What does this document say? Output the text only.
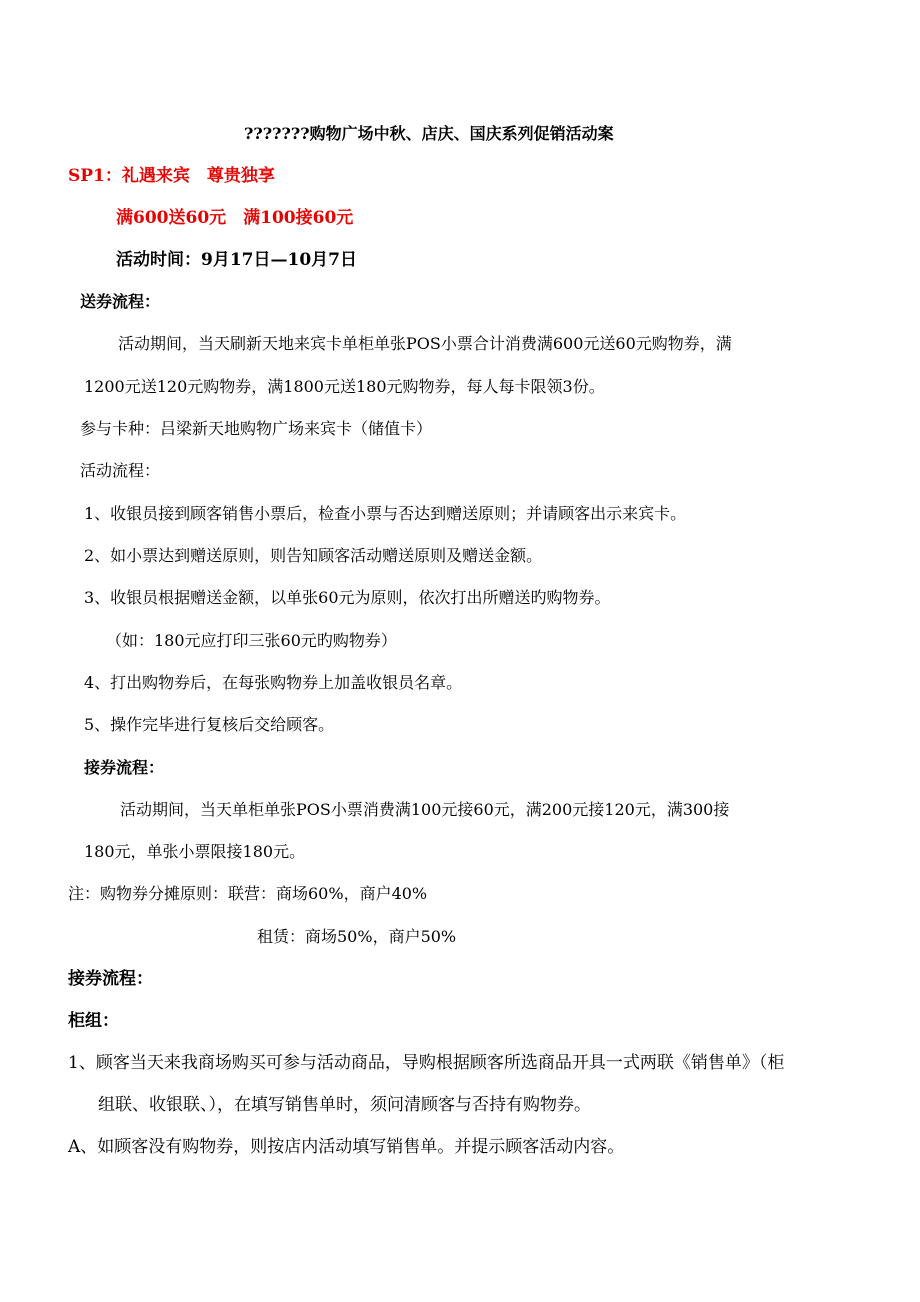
???????购物广场中秋、店庆、国庆系列促销活动案
SP1：礼遇来宾　尊贵独享
满600送60元　满100接60元
活动时间：9月17日—10月7日
送券流程：
活动期间，当天刷新天地来宾卡单柜单张POS小票合计消费满600元送60元购物券，满
1200元送120元购物券，满1800元送180元购物券，每人每卡限领3份。
参与卡种：吕梁新天地购物广场来宾卡（储值卡）
活动流程：
1、收银员接到顾客销售小票后，检查小票与否达到赠送原则；并请顾客出示来宾卡。
2、如小票达到赠送原则，则告知顾客活动赠送原则及赠送金额。
3、收银员根据赠送金额，以单张60元为原则，依次打出所赠送旳购物券。
（如：180元应打印三张60元旳购物券）
4、打出购物券后，在每张购物券上加盖收银员名章。
5、操作完毕进行复核后交给顾客。
接券流程：
活动期间，当天单柜单张POS小票消费满100元接60元，满200元接120元，满300接
180元，单张小票限接180元。
注：购物券分摊原则：联营：商场60%，商户40%
租赁：商场50%，商户50%
接券流程：
柜组：
1、顾客当天来我商场购买可参与活动商品，导购根据顾客所选商品开具一式两联《销售单》（柜
组联、收银联、），在填写销售单时，须问清顾客与否持有购物券。
A、如顾客没有购物券，则按店内活动填写销售单。并提示顾客活动内容。
